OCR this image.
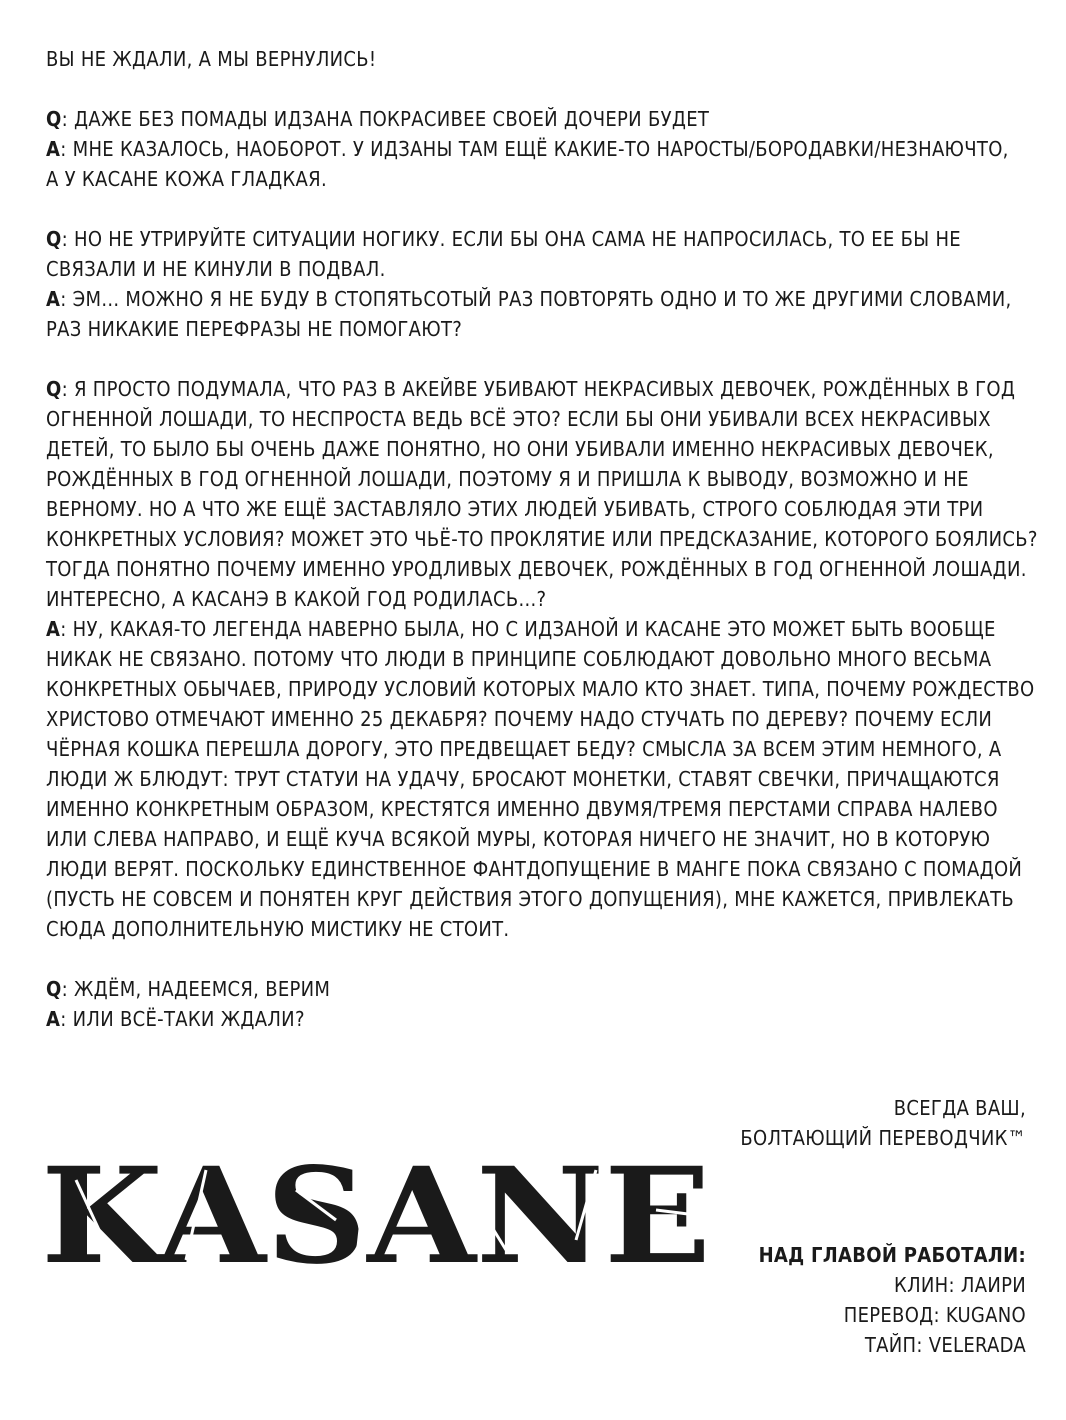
ВЫ НЕ ЖДАЛИ, А МЫ ВЕРНУЛИСЬ!
Q: ДАЖЕ БЕЗ ПОМАДЫ ИДЗАНА ПОКРАСИВЕЕ СВОЕЙ ДОЧЕРИ БУДЕТ
A: МНЕ КАЗАЛОСЬ, НАОБОРОТ. У ИДЗАНЫ ТАМ ЕЩЁ КАКИЕ-ТО НАРОСТЫ/БОРОДАВКИ/НЕЗНАЮЧТО,
А У КАСАНЕ КОЖА ГЛАДКАЯ.
Q: НО НЕ УТРИРУЙТЕ СИТУАЦИИ НОГИКУ. ЕСЛИ БЫ ОНА САМА НЕ НАПРОСИЛАСЬ, ТО ЕЕ БЫ НЕ
СВЯЗАЛИ И НЕ КИНУЛИ В ПОДВАЛ.
A: ЭМ... МОЖНО Я НЕ БУДУ В СТОПЯТЬСОТЫЙ РАЗ ПОВТОРЯТЬ ОДНО И ТО ЖЕ ДРУГИМИ СЛОВАМИ,
РАЗ НИКАКИЕ ПЕРЕФРАЗЫ НЕ ПОМОГАЮТ?
Q: Я ПРОСТО ПОДУМАЛА, ЧТО РАЗ В АКЕЙВЕ УБИВАЮТ НЕКРАСИВЫХ ДЕВОЧЕК, РОЖДЁННЫХ В ГОД
ОГНЕННОЙ ЛОШАДИ, ТО НЕСПРОСТА ВЕДЬ ВСЁ ЭТО? ЕСЛИ БЫ ОНИ УБИВАЛИ ВСЕХ НЕКРАСИВЫХ
ДЕТЕЙ, ТО БЫЛО БЫ ОЧЕНЬ ДАЖЕ ПОНЯТНО, НО ОНИ УБИВАЛИ ИМЕННО НЕКРАСИВЫХ ДЕВОЧЕК,
РОЖДЁННЫХ В ГОД ОГНЕННОЙ ЛОШАДИ, ПОЭТОМУ Я И ПРИШЛА К ВЫВОДУ, ВОЗМОЖНО И НЕ
ВЕРНОМУ. НО А ЧТО ЖЕ ЕЩЁ ЗАСТАВЛЯЛО ЭТИХ ЛЮДЕЙ УБИВАТЬ, СТРОГО СОБЛЮДАЯ ЭТИ ТРИ
КОНКРЕТНЫХ УСЛОВИЯ? МОЖЕТ ЭТО ЧЬЁ-ТО ПРОКЛЯТИЕ ИЛИ ПРЕДСКАЗАНИЕ, КОТОРОГО БОЯЛИСЬ?
ТОГДА ПОНЯТНО ПОЧЕМУ ИМЕННО УРОДЛИВЫХ ДЕВОЧЕК, РОЖДЁННЫХ В ГОД ОГНЕННОЙ ЛОШАДИ.
ИНТЕРЕСНО, А КАСАНЭ В КАКОЙ ГОД РОДИЛАСЬ...?
A: НУ, КАКАЯ-ТО ЛЕГЕНДА НАВЕРНО БЫЛА, НО С ИДЗАНОЙ И КАСАНЕ ЭТО МОЖЕТ БЫТЬ ВООБЩЕ
НИКАК НЕ СВЯЗАНО. ПОТОМУ ЧТО ЛЮДИ В ПРИНЦИПЕ СОБЛЮДАЮТ ДОВОЛЬНО МНОГО ВЕСЬМА
КОНКРЕТНЫХ ОБЫЧАЕВ, ПРИРОДУ УСЛОВИЙ КОТОРЫХ МАЛО КТО ЗНАЕТ. ТИПА, ПОЧЕМУ РОЖДЕСТВО
ХРИСТОВО ОТМЕЧАЮТ ИМЕННО 25 ДЕКАБРЯ? ПОЧЕМУ НАДО СТУЧАТЬ ПО ДЕРЕВУ? ПОЧЕМУ ЕСЛИ
ЧЁРНАЯ КОШКА ПЕРЕШЛА ДОРОГУ, ЭТО ПРЕДВЕЩАЕТ БЕДУ? СМЫСЛА ЗА ВСЕМ ЭТИМ НЕМНОГО, А
ЛЮДИ Ж БЛЮДУТ: ТРУТ СТАТУИ НА УДАЧУ, БРОСАЮТ МОНЕТКИ, СТАВЯТ СВЕЧКИ, ПРИЧАЩАЮТСЯ
ИМЕННО КОНКРЕТНЫМ ОБРАЗОМ, КРЕСТЯТСЯ ИМЕННО ДВУМЯ/ТРЕМЯ ПЕРСТАМИ СПРАВА НАЛЕВО
ИЛИ СЛЕВА НАПРАВО, И ЕЩЁ КУЧА ВСЯКОЙ МУРЫ, КОТОРАЯ НИЧЕГО НЕ ЗНАЧИТ, НО В КОТОРУЮ
ЛЮДИ ВЕРЯТ. ПОСКОЛЬКУ ЕДИНСТВЕННОЕ ФАНТДОПУЩЕНИЕ В МАНГЕ ПОКА СВЯЗАНО С ПОМАДОЙ
(ПУСТЬ НЕ СОВСЕМ И ПОНЯТЕН КРУГ ДЕЙСТВИЯ ЭТОГО ДОПУЩЕНИЯ), МНЕ КАЖЕТСЯ, ПРИВЛЕКАТЬ
СЮДА ДОПОЛНИТЕЛЬНУЮ МИСТИКУ НЕ СТОИТ.
Q: ЖДЁМ, НАДЕЕМСЯ, ВЕРИМ
A: ИЛИ ВСЁ-ТАКИ ЖДАЛИ?
ВСЕГДА ВАШ,
БОЛТАЮЩИЙ ПЕРЕВОДЧИК™
KASANE НАД ГЛАВОЙ РАБОТАЛИ:
КЛИН: ЛАИРИ
ПЕРЕВОД: KUGANO
ТАЙП: VELERADA
